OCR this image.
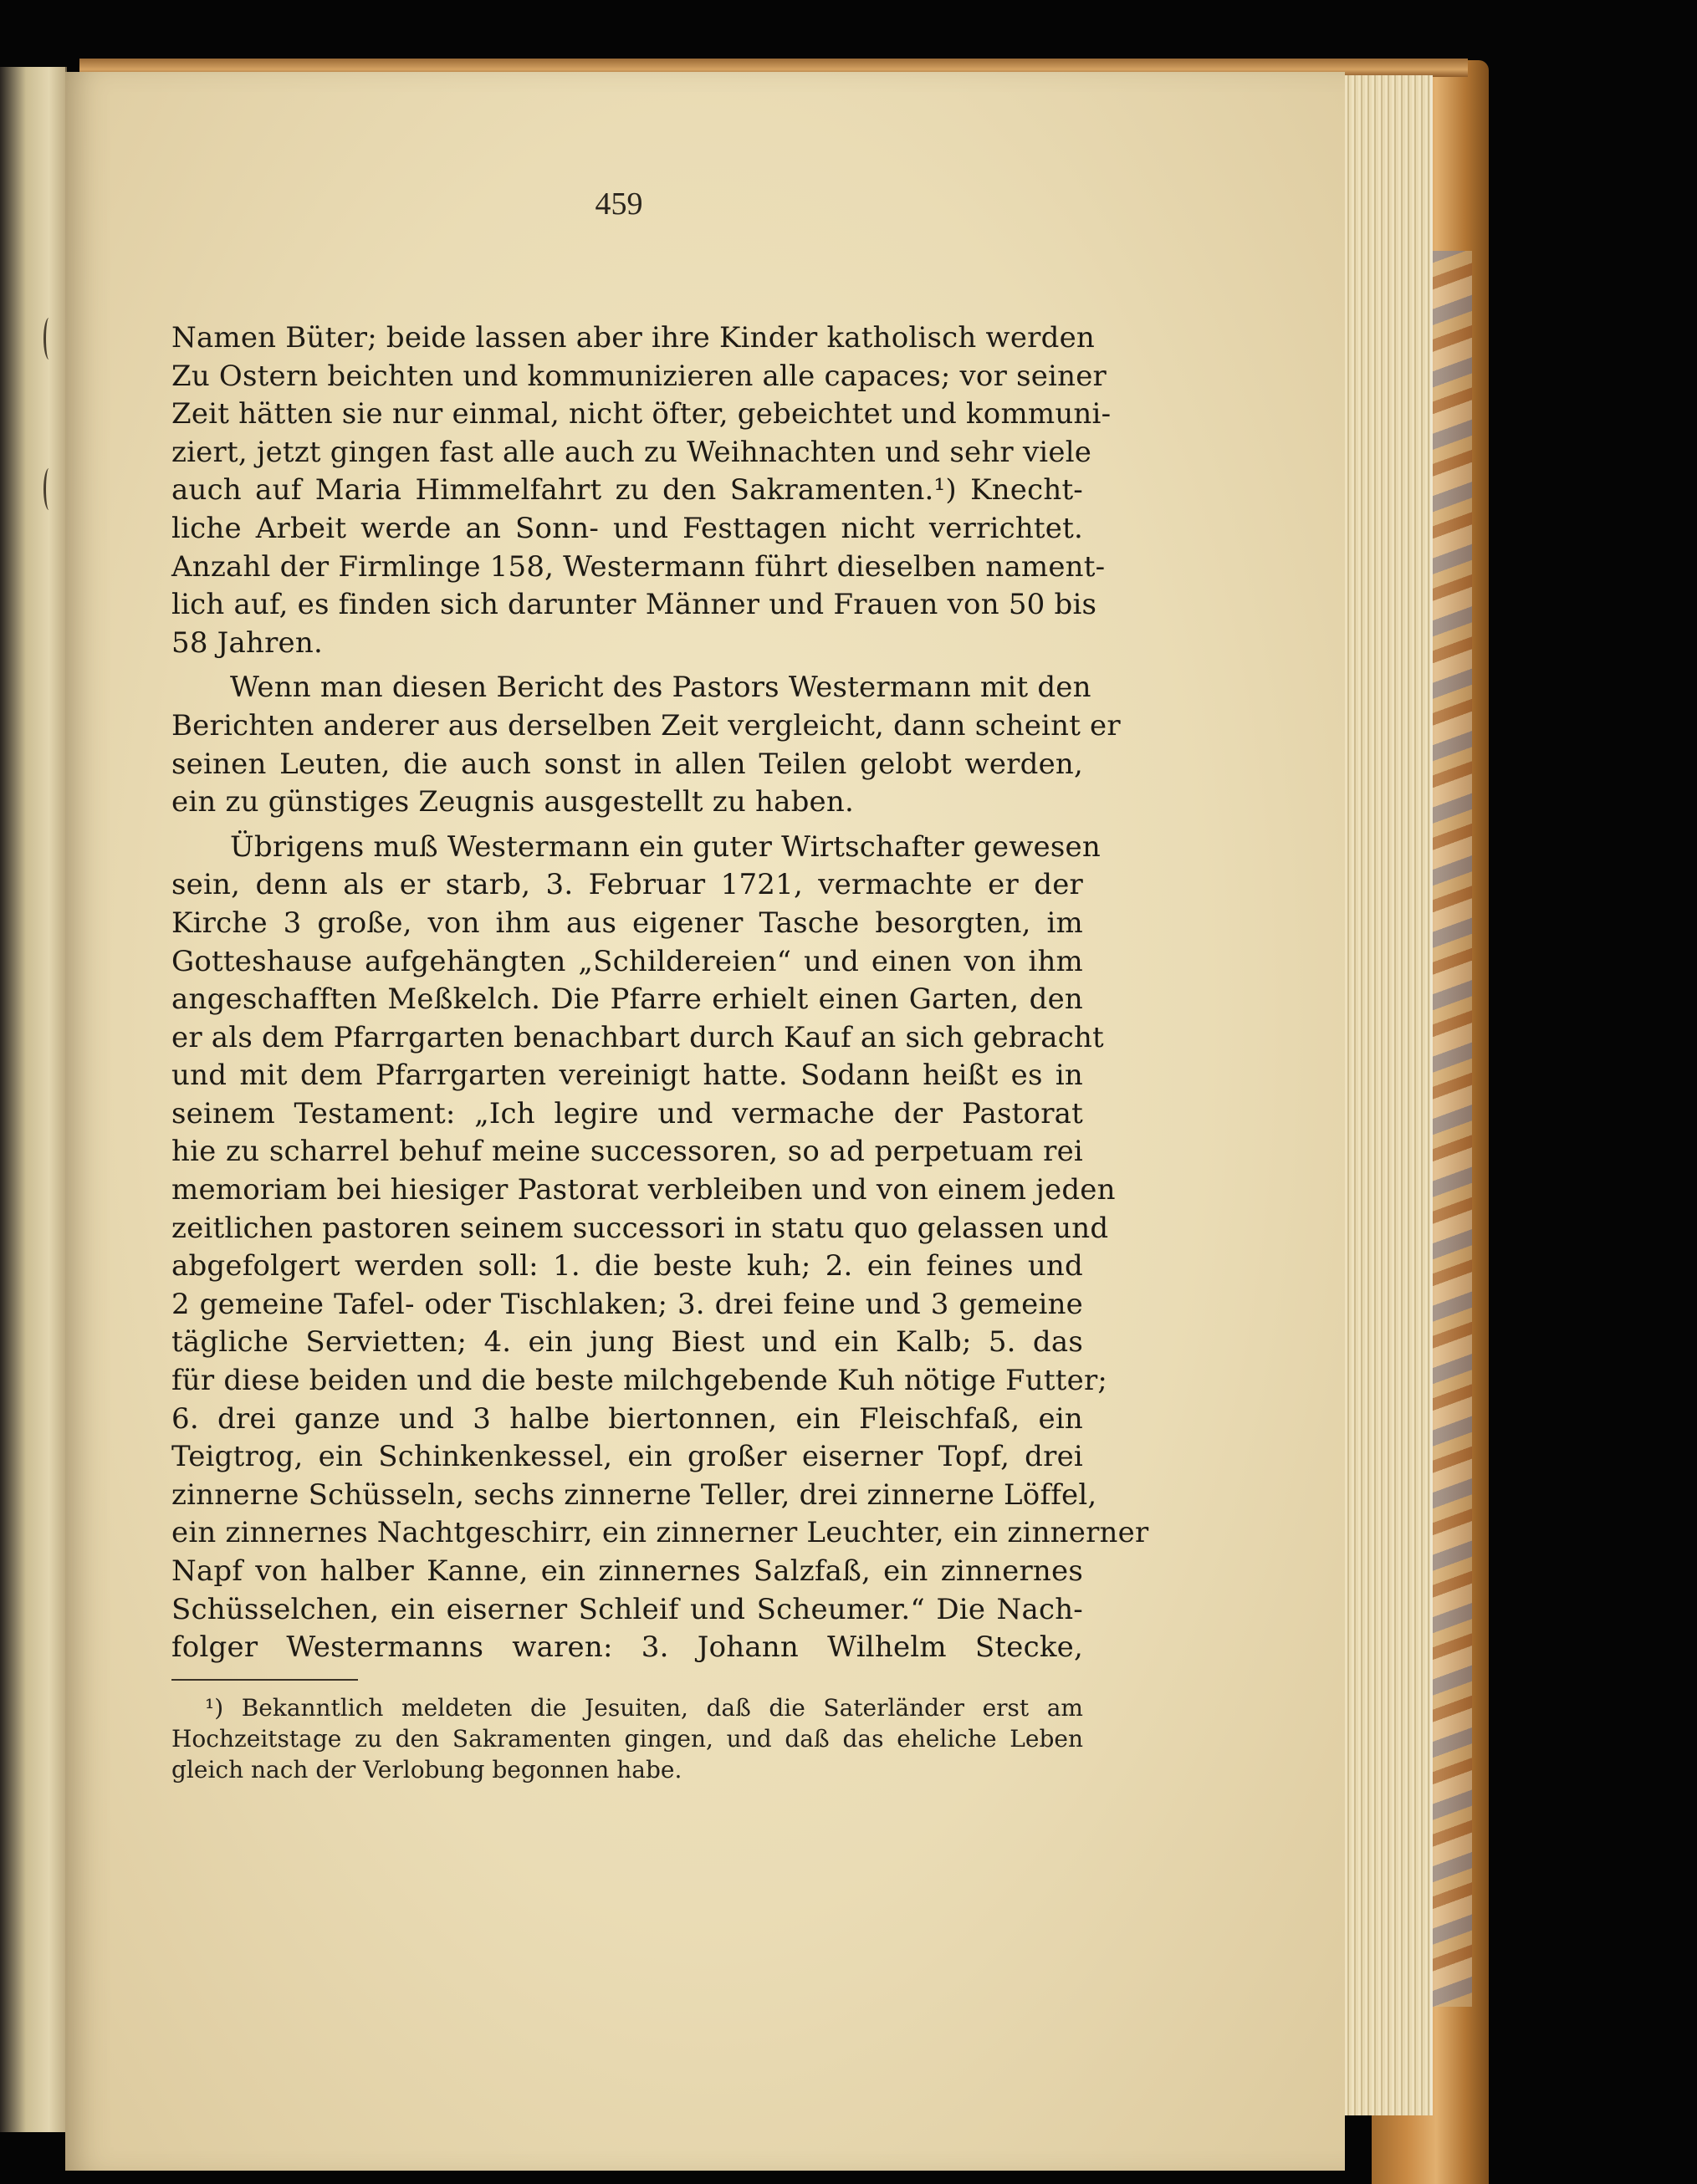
459
Namen Büter; beide lassen aber ihre Kinder katholisch werden
Zu Ostern beichten und kommunizieren alle capaces; vor seiner
Zeit hätten sie nur einmal, nicht öfter, gebeichtet und kommuni-
ziert, jetzt gingen fast alle auch zu Weihnachten und sehr viele
auch auf Maria Himmelfahrt zu den Sakramenten.¹) Knecht-
liche Arbeit werde an Sonn- und Festtagen nicht verrichtet.
Anzahl der Firmlinge 158, Westermann führt dieselben nament-
lich auf, es finden sich darunter Männer und Frauen von 50 bis
58 Jahren.
Wenn man diesen Bericht des Pastors Westermann mit den
Berichten anderer aus derselben Zeit vergleicht, dann scheint er
seinen Leuten, die auch sonst in allen Teilen gelobt werden,
ein zu günstiges Zeugnis ausgestellt zu haben.
Übrigens muß Westermann ein guter Wirtschafter gewesen
sein, denn als er starb, 3. Februar 1721, vermachte er der
Kirche 3 große, von ihm aus eigener Tasche besorgten, im
Gotteshause aufgehängten „Schildereien“ und einen von ihm
angeschafften Meßkelch. Die Pfarre erhielt einen Garten, den
er als dem Pfarrgarten benachbart durch Kauf an sich gebracht
und mit dem Pfarrgarten vereinigt hatte. Sodann heißt es in
seinem Testament: „Ich legire und vermache der Pastorat
hie zu scharrel behuf meine successoren, so ad perpetuam rei
memoriam bei hiesiger Pastorat verbleiben und von einem jeden
zeitlichen pastoren seinem successori in statu quo gelassen und
abgefolgert werden soll: 1. die beste kuh; 2. ein feines und
2 gemeine Tafel- oder Tischlaken; 3. drei feine und 3 gemeine
tägliche Servietten; 4. ein jung Biest und ein Kalb; 5. das
für diese beiden und die beste milchgebende Kuh nötige Futter;
6. drei ganze und 3 halbe biertonnen, ein Fleischfaß, ein
Teigtrog, ein Schinkenkessel, ein großer eiserner Topf, drei
zinnerne Schüsseln, sechs zinnerne Teller, drei zinnerne Löffel,
ein zinnernes Nachtgeschirr, ein zinnerner Leuchter, ein zinnerner
Napf von halber Kanne, ein zinnernes Salzfaß, ein zinnernes
Schüsselchen, ein eiserner Schleif und Scheumer.“ Die Nach-
folger Westermanns waren: 3. Johann Wilhelm Stecke,
¹) Bekanntlich meldeten die Jesuiten, daß die Saterländer erst am
Hochzeitstage zu den Sakramenten gingen, und daß das eheliche Leben
gleich nach der Verlobung begonnen habe.
